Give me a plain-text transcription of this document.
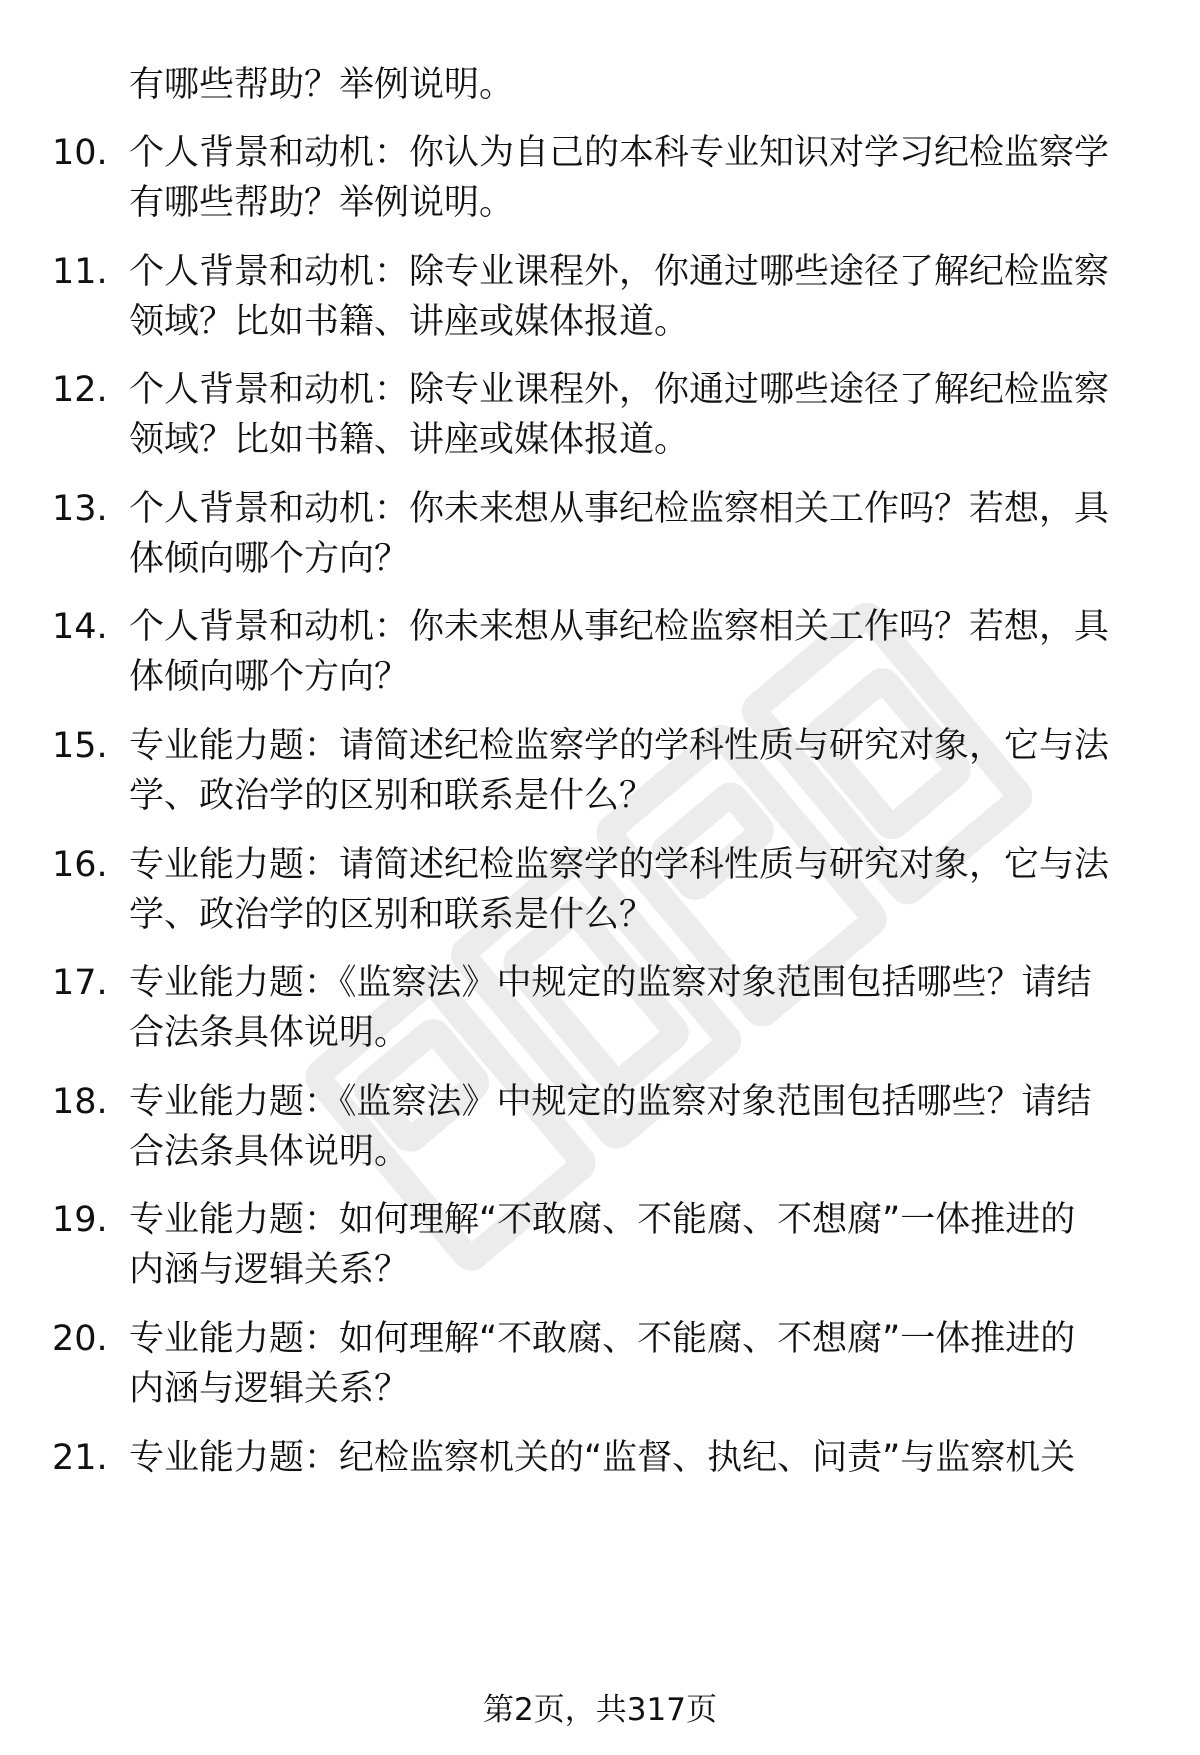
有哪些帮助？举例说明。

10. 个人背景和动机：你认为自己的本科专业知识对学习纪检监察学
有哪些帮助？举例说明。

11. 个人背景和动机：除专业课程外，你通过哪些途径了解纪检监察
领域？比如书籍、讲座或媒体报道。

12. 个人背景和动机：除专业课程外，你通过哪些途径了解纪检监察
领域？比如书籍、讲座或媒体报道。

13. 个人背景和动机：你未来想从事纪检监察相关工作吗？若想，具
体倾向哪个方向？

14. 个人背景和动机：你未来想从事纪检监察相关工作吗？若想，具
体倾向哪个方向？

15. 专业能力题：请简述纪检监察学的学科性质与研究对象，它与法
学、政治学的区别和联系是什么？

16. 专业能力题：请简述纪检监察学的学科性质与研究对象，它与法
学、政治学的区别和联系是什么？

17. 专业能力题：《监察法》中规定的监察对象范围包括哪些？请结
合法条具体说明。

18. 专业能力题：《监察法》中规定的监察对象范围包括哪些？请结
合法条具体说明。

19. 专业能力题：如何理解“不敢腐、不能腐、不想腐”一体推进的
内涵与逻辑关系？

20. 专业能力题：如何理解“不敢腐、不能腐、不想腐”一体推进的
内涵与逻辑关系？

21. 专业能力题：纪检监察机关的“监督、执纪、问责”与监察机关

第2页，共317页
